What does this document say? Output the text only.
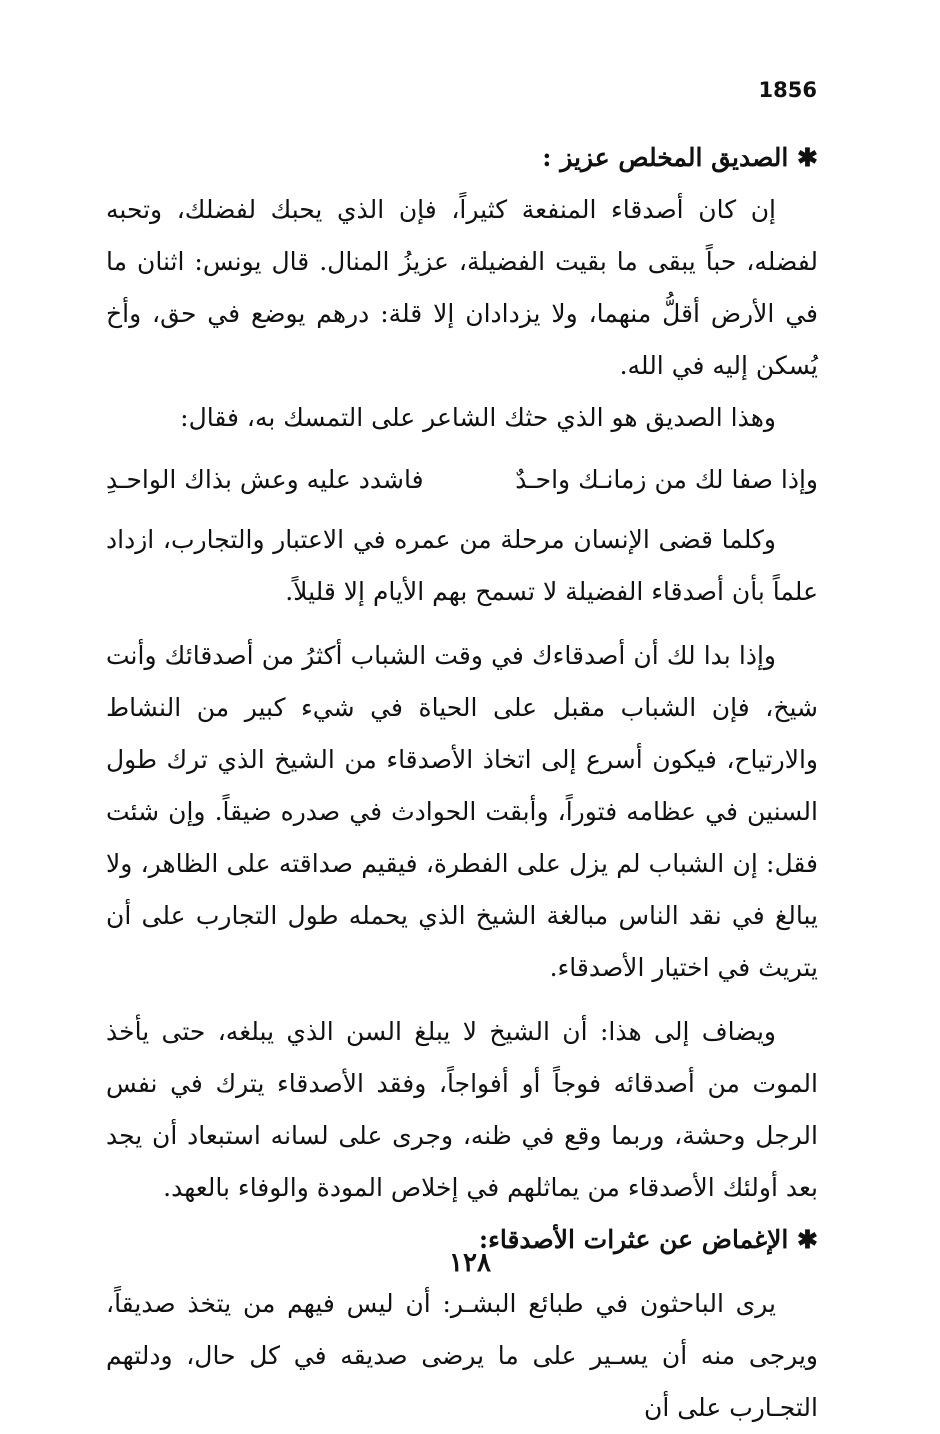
1856
✱ الصديق المخلص عزيز :

إن كان أصدقاء المنفعة كثيراً، فإن الذي يحبك لفضلك، وتحبه لفضله، حباً يبقى ما بقيت الفضيلة، عزيزُ المنال. قال يونس: اثنان ما في الأرض أقلُّ منهما، ولا يزدادان إلا قلة: درهم يوضع في حق، وأخ يُسكن إليه في الله.

وهذا الصديق هو الذي حثك الشاعر على التمسك به، فقال:

وإذا صفا لك من زمانـك واحـدٌ
فاشدد عليه وعش بذاك الواحـدِ

وكلما قضى الإنسان مرحلة من عمره في الاعتبار والتجارب، ازداد علماً بأن أصدقاء الفضيلة لا تسمح بهم الأيام إلا قليلاً.

وإذا بدا لك أن أصدقاءك في وقت الشباب أكثرُ من أصدقائك وأنت شيخ، فإن الشباب مقبل على الحياة في شيء كبير من النشاط والارتياح، فيكون أسرع إلى اتخاذ الأصدقاء من الشيخ الذي ترك طول السنين في عظامه فتوراً، وأبقت الحوادث في صدره ضيقاً. وإن شئت فقل: إن الشباب لم يزل على الفطرة، فيقيم صداقته على الظاهر، ولا يبالغ في نقد الناس مبالغة الشيخ الذي يحمله طول التجارب على أن يتريث في اختيار الأصدقاء.

ويضاف إلى هذا: أن الشيخ لا يبلغ السن الذي يبلغه، حتى يأخذ الموت من أصدقائه فوجاً أو أفواجاً، وفقد الأصدقاء يترك في نفس الرجل وحشة، وربما وقع في ظنه، وجرى على لسانه استبعاد أن يجد بعد أولئك الأصدقاء من يماثلهم في إخلاص المودة والوفاء بالعهد.

✱ الإغماض عن عثرات الأصدقاء:

يرى الباحثون في طبائع البشـر: أن ليس فيهم من يتخذ صديقاً، ويرجى منه أن يسـير على ما يرضى صديقه في كل حال، ودلتهم التجـارب على أن

١٢٨
